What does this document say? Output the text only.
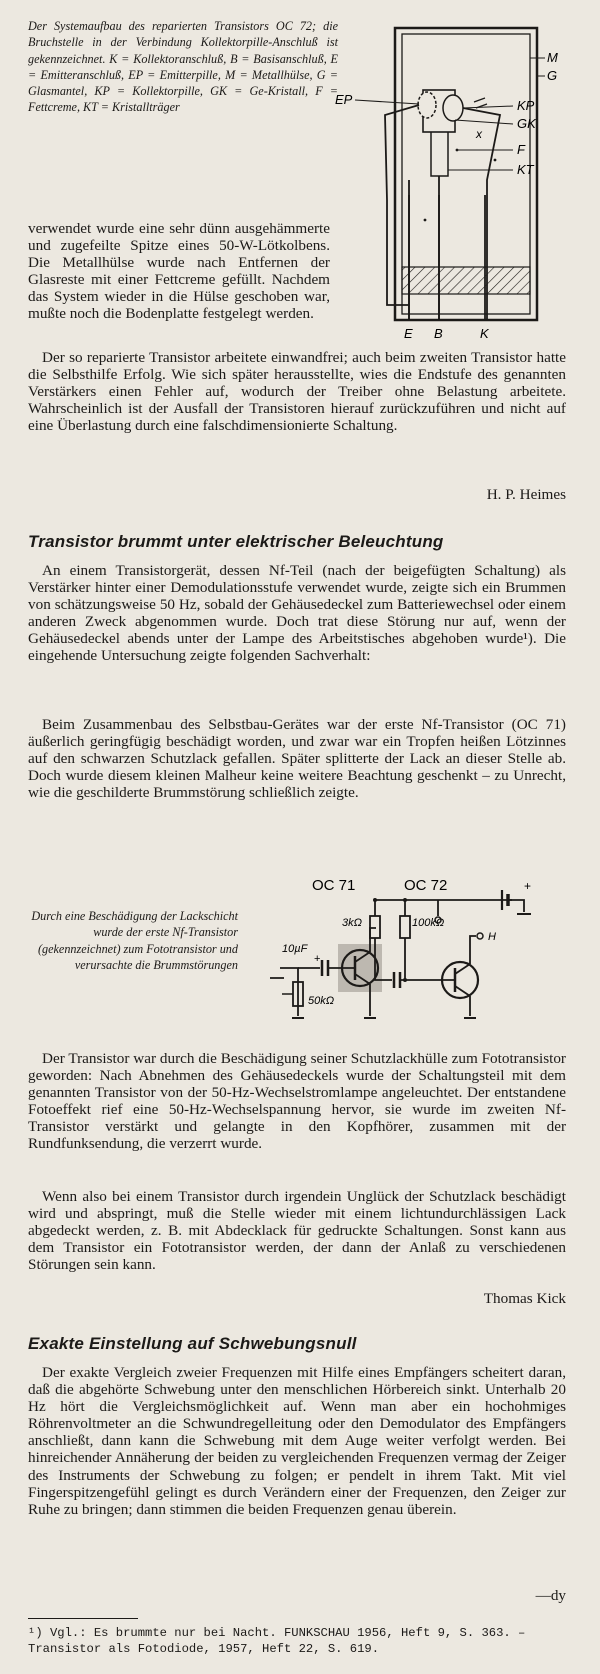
Der Systemaufbau des reparierten Transistors OC 72; die Bruchstelle in der Verbindung Kollektorpille-Anschluß ist gekennzeichnet. K = Kollektoranschluß, B = Basisanschluß, E = Emitteranschluß, EP = Emitterpille, M = Metallhülse, G = Glasmantel, KP = Kollektorpille, GK = Ge-Kristall, F = Fettcreme, KT = Kristallträger

M
G
EP	KP
GK
x
F
KT
E B	K

verwendet wurde eine sehr dünn ausgehämmerte und zugefeilte Spitze eines 50-W-Lötkolbens. Die Metallhülse wurde nach Entfernen der Glasreste mit einer Fettcreme gefüllt. Nachdem das System wieder in die Hülse geschoben war, mußte noch die Bodenplatte festgelegt werden.

Der so reparierte Transistor arbeitete einwandfrei; auch beim zweiten Transistor hatte die Selbsthilfe Erfolg. Wie sich später herausstellte, wies die Endstufe des genannten Verstärkers einen Fehler auf, wodurch der Treiber ohne Belastung arbeitete. Wahrscheinlich ist der Ausfall der Transistoren hierauf zurückzuführen und nicht auf eine Überlastung durch eine falschdimensionierte Schaltung.

H. P. Heimes
Transistor brummt unter elektrischer Beleuchtung

An einem Transistorgerät, dessen Nf-Teil (nach der beigefügten Schaltung) als Verstärker hinter einer Demodulationsstufe verwendet wurde, zeigte sich ein Brummen von schätzungsweise 50 Hz, sobald der Gehäusedeckel zum Batteriewechsel oder einem anderen Zweck abgenommen wurde. Doch trat diese Störung nur auf, wenn der Gehäusedeckel abends unter der Lampe des Arbeitstisches abgehoben wurde¹). Die eingehende Untersuchung zeigte folgenden Sachverhalt:

Beim Zusammenbau des Selbstbau-Gerätes war der erste Nf-Transistor (OC 71) äußerlich geringfügig beschädigt worden, und zwar war ein Tropfen heißen Lötzinnes auf den schwarzen Schutzlack gefallen. Später splitterte der Lack an dieser Stelle ab. Doch wurde diesem kleinen Malheur keine weitere Beachtung geschenkt – zu Unrecht, wie die geschilderte Brummstörung schließlich zeigte.

Durch eine Beschädigung der Lackschicht wurde der erste Nf-Transistor (gekennzeichnet) zum Fototransistor und verursachte die Brummstörungen

OC 71	OC 72
3kΩ	100kΩ
10µF
+
50kΩ
H
+

Der Transistor war durch die Beschädigung seiner Schutzlackhülle zum Fototransistor geworden: Nach Abnehmen des Gehäusedeckels wurde der Schaltungsteil mit dem genannten Transistor von der 50-Hz-Wechselstromlampe angeleuchtet. Der entstandene Fotoeffekt rief eine 50-Hz-Wechselspannung hervor, sie wurde im zweiten Nf-Transistor verstärkt und gelangte in den Kopfhörer, zusammen mit der Rundfunksendung, die verzerrt wurde.

Wenn also bei einem Transistor durch irgendein Unglück der Schutzlack beschädigt wird und abspringt, muß die Stelle wieder mit einem lichtundurchlässigen Lack abgedeckt werden, z. B. mit Abdecklack für gedruckte Schaltungen. Sonst kann aus dem Transistor ein Fototransistor werden, der dann der Anlaß zu verschiedenen Störungen sein kann.

Thomas Kick
Exakte Einstellung auf Schwebungsnull

Der exakte Vergleich zweier Frequenzen mit Hilfe eines Empfängers scheitert daran, daß die abgehörte Schwebung unter den menschlichen Hörbereich sinkt. Unterhalb 20 Hz hört die Vergleichsmöglichkeit auf. Wenn man aber ein hochohmiges Röhrenvoltmeter an die Schwundregelleitung oder den Demodulator des Empfängers anschließt, dann kann die Schwebung mit dem Auge weiter verfolgt werden. Bei hinreichender Annäherung der beiden zu vergleichenden Frequenzen vermag der Zeiger des Instruments der Schwebung zu folgen; er pendelt in ihrem Takt. Mit viel Fingerspitzengefühl gelingt es durch Verändern einer der Frequenzen, den Zeiger zur Ruhe zu bringen; dann stimmen die beiden Frequenzen genau überein.

—dy

¹) Vgl.: Es brummte nur bei Nacht. FUNKSCHAU 1956, Heft 9, S. 363. – Transistor als Fotodiode, 1957, Heft 22, S. 619.
